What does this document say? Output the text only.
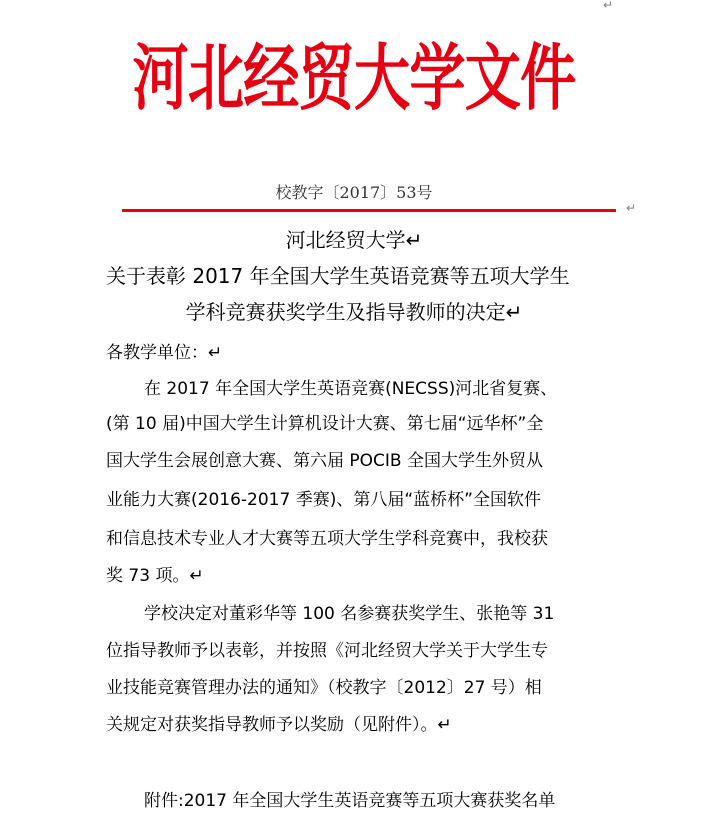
↵
河北经贸大学文件
校教字〔2017〕53号
↵
河北经贸大学↵
关于表彰 2017 年全国大学生英语竞赛等五项大学生
学科竞赛获奖学生及指导教师的决定↵
各教学单位：↵
在 2017 年全国大学生英语竞赛(NECSS)河北省复赛、
(第 10 届)中国大学生计算机设计大赛、第七届“远华杯”全
国大学生会展创意大赛、第六届 POCIB 全国大学生外贸从
业能力大赛(2016-2017 季赛)、第八届“蓝桥杯”全国软件
和信息技术专业人才大赛等五项大学生学科竞赛中，我校获
奖 73 项。↵
学校决定对董彩华等 100 名参赛获奖学生、张艳等 31
位指导教师予以表彰，并按照《河北经贸大学关于大学生专
业技能竞赛管理办法的通知》（校教字〔2012〕27 号）相
关规定对获奖指导教师予以奖励（见附件）。↵
附件:2017 年全国大学生英语竞赛等五项大赛获奖名单
